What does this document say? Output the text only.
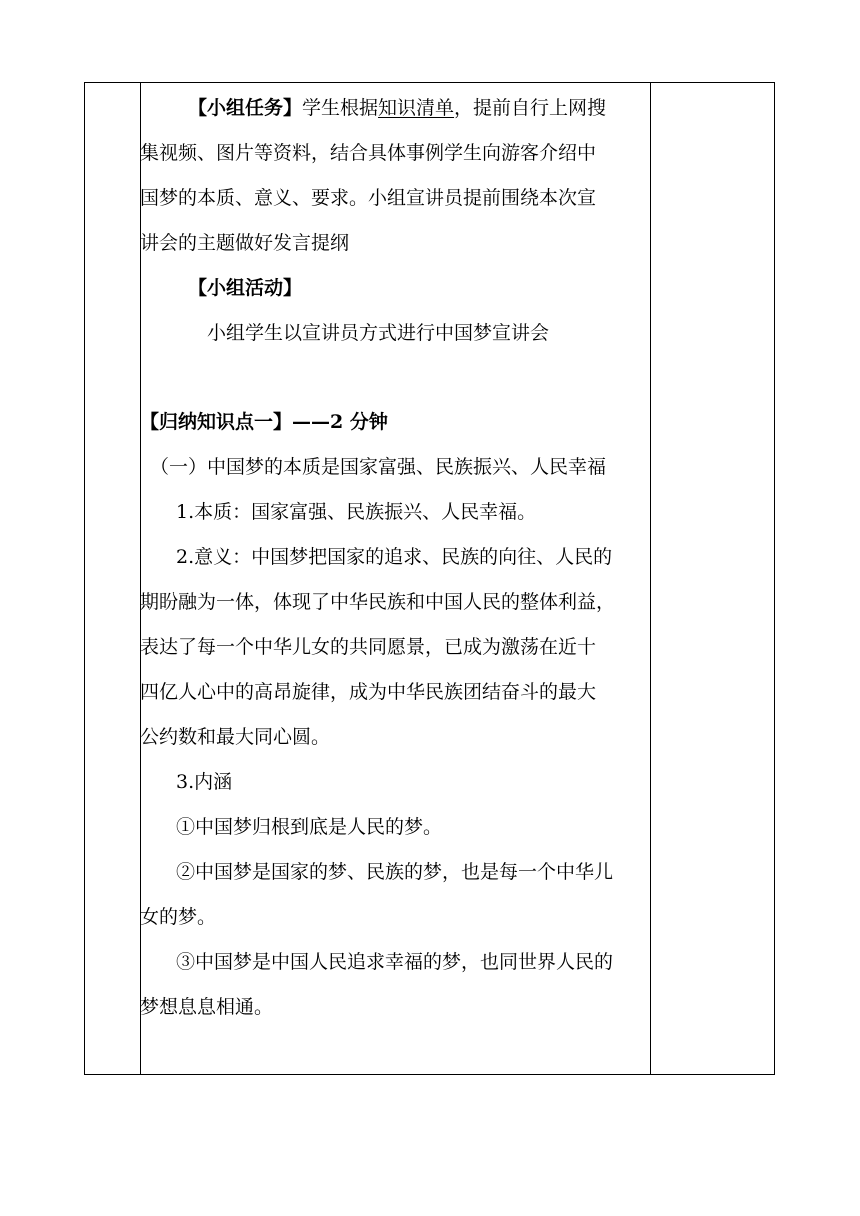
【小组任务】学生根据知识清单，提前自行上网搜
集视频、图片等资料，结合具体事例学生向游客介绍中
国梦的本质、意义、要求。小组宣讲员提前围绕本次宣
讲会的主题做好发言提纲
【小组活动】
小组学生以宣讲员方式进行中国梦宣讲会
【归纳知识点一】——2 分钟
（一）中国梦的本质是国家富强、民族振兴、人民幸福
1.本质：国家富强、民族振兴、人民幸福。
2.意义：中国梦把国家的追求、民族的向往、人民的
期盼融为一体，体现了中华民族和中国人民的整体利益，
表达了每一个中华儿女的共同愿景，已成为激荡在近十
四亿人心中的高昂旋律，成为中华民族团结奋斗的最大
公约数和最大同心圆。
3.内涵
①中国梦归根到底是人民的梦。
②中国梦是国家的梦、民族的梦，也是每一个中华儿
女的梦。
③中国梦是中国人民追求幸福的梦，也同世界人民的
梦想息息相通。
